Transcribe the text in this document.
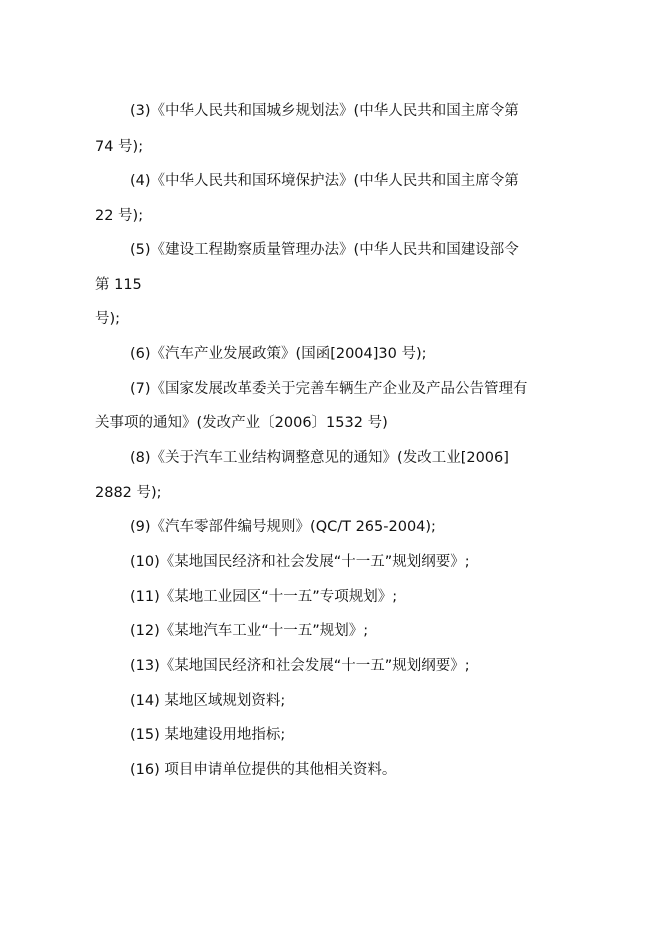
(3)《中华人民共和国城乡规划法》(中华人民共和国主席令第
74 号);
(4)《中华人民共和国环境保护法》(中华人民共和国主席令第
22 号);
(5)《建设工程勘察质量管理办法》(中华人民共和国建设部令
第 115
号);
(6)《汽车产业发展政策》(国函[2004]30 号);
(7)《国家发展改革委关于完善车辆生产企业及产品公告管理有
关事项的通知》(发改产业〔2006〕1532 号)
(8)《关于汽车工业结构调整意见的通知》(发改工业[2006]
2882 号);
(9)《汽车零部件编号规则》(QC/T 265-2004);
(10)《某地国民经济和社会发展“十一五”规划纲要》;
(11)《某地工业园区“十一五”专项规划》;
(12)《某地汽车工业“十一五”规划》;
(13)《某地国民经济和社会发展“十一五”规划纲要》;
(14) 某地区域规划资料;
(15) 某地建设用地指标;
(16) 项目申请单位提供的其他相关资料。
